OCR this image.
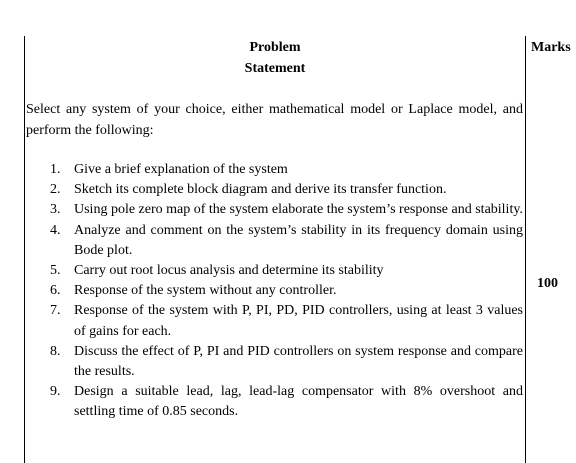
Problem
Statement
Marks

Select any system of your choice, either mathematical model or Laplace model, and perform the following:

1. Give a brief explanation of the system
2. Sketch its complete block diagram and derive its transfer function.
3. Using pole zero map of the system elaborate the system’s response and stability.
4. Analyze and comment on the system’s stability in its frequency domain using Bode plot.
5. Carry out root locus analysis and determine its stability
6. Response of the system without any controller.
7. Response of the system with P, PI, PD, PID controllers, using at least 3 values of gains for each.
8. Discuss the effect of P, PI and PID controllers on system response and compare the results.
9. Design a suitable lead, lag, lead-lag compensator with 8% overshoot and settling time of 0.85 seconds.
100
